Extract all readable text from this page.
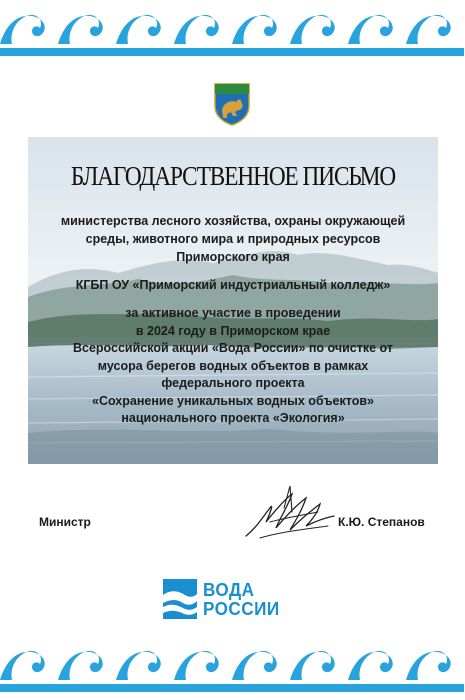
БЛАГОДАРСТВЕННОЕ ПИСЬМО
министерства лесного хозяйства, охраны окружающей
среды, животного мира и природных ресурсов
Приморского края
КГБП ОУ «Приморский индустриальный колледж»
за активное участие в проведении
в 2024 году в Приморском крае
Всероссийской акции «Вода России» по очистке от
мусора берегов водных объектов в рамках
федерального проекта
«Сохранение уникальных водных объектов»
национального проекта «Экология»
Министр	К.Ю. Степанов
ВОДА
РОССИИ
